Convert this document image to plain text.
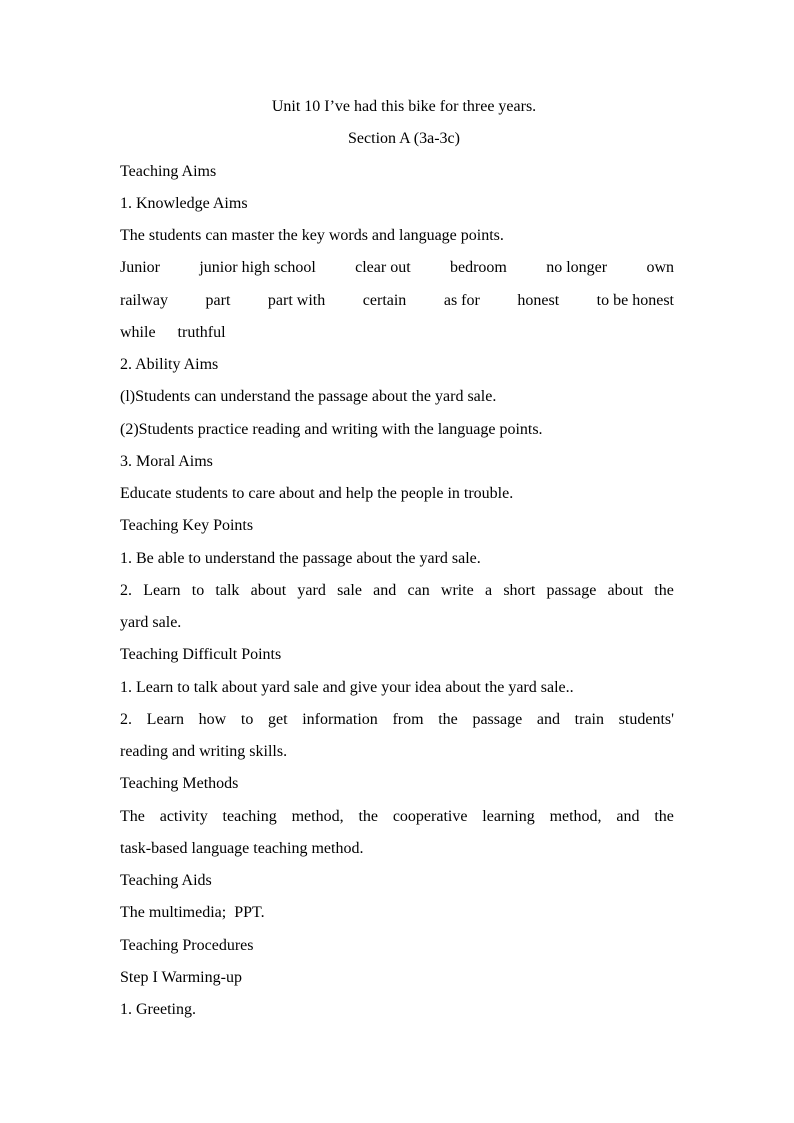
Unit 10 I’ve had this bike for three years.
Section A (3a-3c)
Teaching Aims
1. Knowledge Aims
The students can master the key words and language points.
Junior junior high school clear out bedroom no longer own
railway part part with certain as for honest to be honest
while truthful
2. Ability Aims
(l)Students can understand the passage about the yard sale.
(2)Students practice reading and writing with the language points.
3. Moral Aims
Educate students to care about and help the people in trouble.
Teaching Key Points
1. Be able to understand the passage about the yard sale.
2. Learn to talk about yard sale and can write a short passage about the
yard sale.
Teaching Difficult Points
1. Learn to talk about yard sale and give your idea about the yard sale..
2. Learn how to get information from the passage and train students'
reading and writing skills.
Teaching Methods
The activity teaching method, the cooperative learning method, and the
task-based language teaching method.
Teaching Aids
The multimedia;  PPT.
Teaching Procedures
Step I Warming-up
1. Greeting.
